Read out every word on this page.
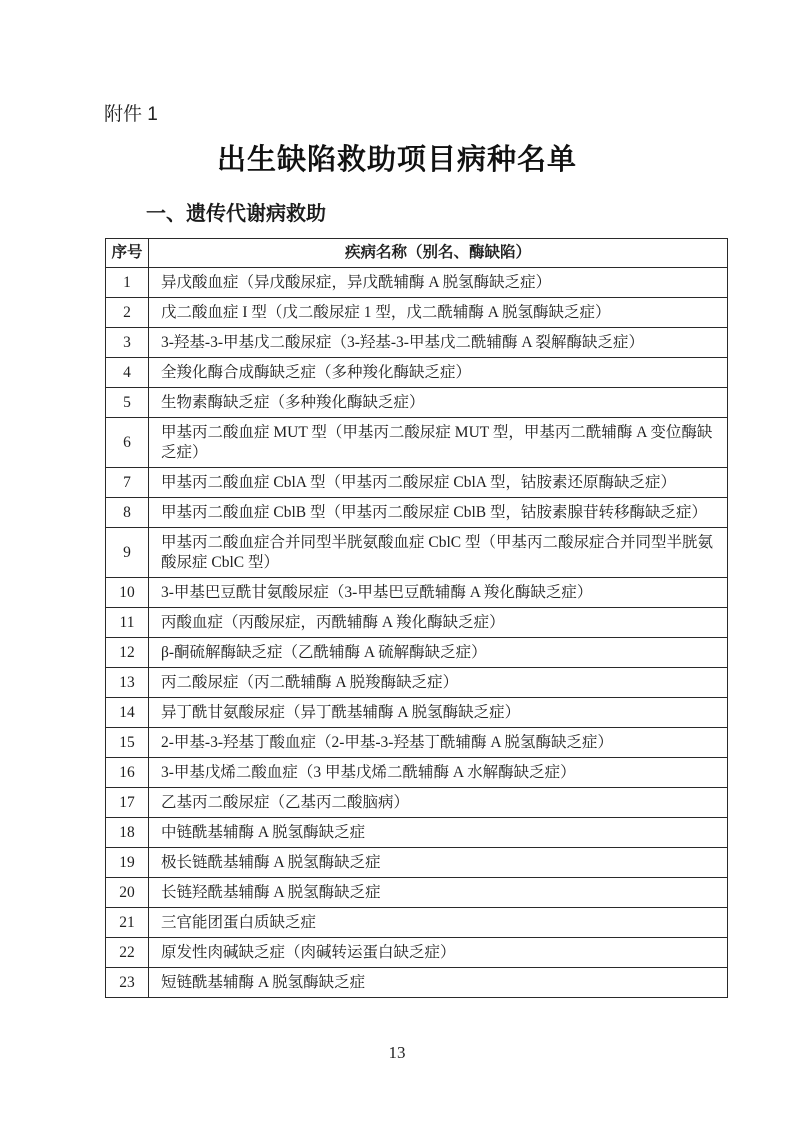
附件 1
出生缺陷救助项目病种名单
一、遗传代谢病救助
序号	疾病名称（别名、酶缺陷）
1	异戊酸血症（异戊酸尿症，异戊酰辅酶 A 脱氢酶缺乏症）
2	戊二酸血症 I 型（戊二酸尿症 1 型，戊二酰辅酶 A 脱氢酶缺乏症）
3	3-羟基-3-甲基戊二酸尿症（3-羟基-3-甲基戊二酰辅酶 A 裂解酶缺乏症）
4	全羧化酶合成酶缺乏症（多种羧化酶缺乏症）
5	生物素酶缺乏症（多种羧化酶缺乏症）
6	甲基丙二酸血症 MUT 型（甲基丙二酸尿症 MUT 型，甲基丙二酰辅酶 A 变位酶缺乏症）
7	甲基丙二酸血症 CblA 型（甲基丙二酸尿症 CblA 型，钴胺素还原酶缺乏症）
8	甲基丙二酸血症 CblB 型（甲基丙二酸尿症 CblB 型，钴胺素腺苷转移酶缺乏症）
9	甲基丙二酸血症合并同型半胱氨酸血症 CblC 型（甲基丙二酸尿症合并同型半胱氨酸尿症 CblC 型）
10	3-甲基巴豆酰甘氨酸尿症（3-甲基巴豆酰辅酶 A 羧化酶缺乏症）
11	丙酸血症（丙酸尿症，丙酰辅酶 A 羧化酶缺乏症）
12	β-酮硫解酶缺乏症（乙酰辅酶 A 硫解酶缺乏症）
13	丙二酸尿症（丙二酰辅酶 A 脱羧酶缺乏症）
14	异丁酰甘氨酸尿症（异丁酰基辅酶 A 脱氢酶缺乏症）
15	2-甲基-3-羟基丁酸血症（2-甲基-3-羟基丁酰辅酶 A 脱氢酶缺乏症）
16	3-甲基戊烯二酸血症（3 甲基戊烯二酰辅酶 A 水解酶缺乏症）
17	乙基丙二酸尿症（乙基丙二酸脑病）
18	中链酰基辅酶 A 脱氢酶缺乏症
19	极长链酰基辅酶 A 脱氢酶缺乏症
20	长链羟酰基辅酶 A 脱氢酶缺乏症
21	三官能团蛋白质缺乏症
22	原发性肉碱缺乏症（肉碱转运蛋白缺乏症）
23	短链酰基辅酶 A 脱氢酶缺乏症
13
